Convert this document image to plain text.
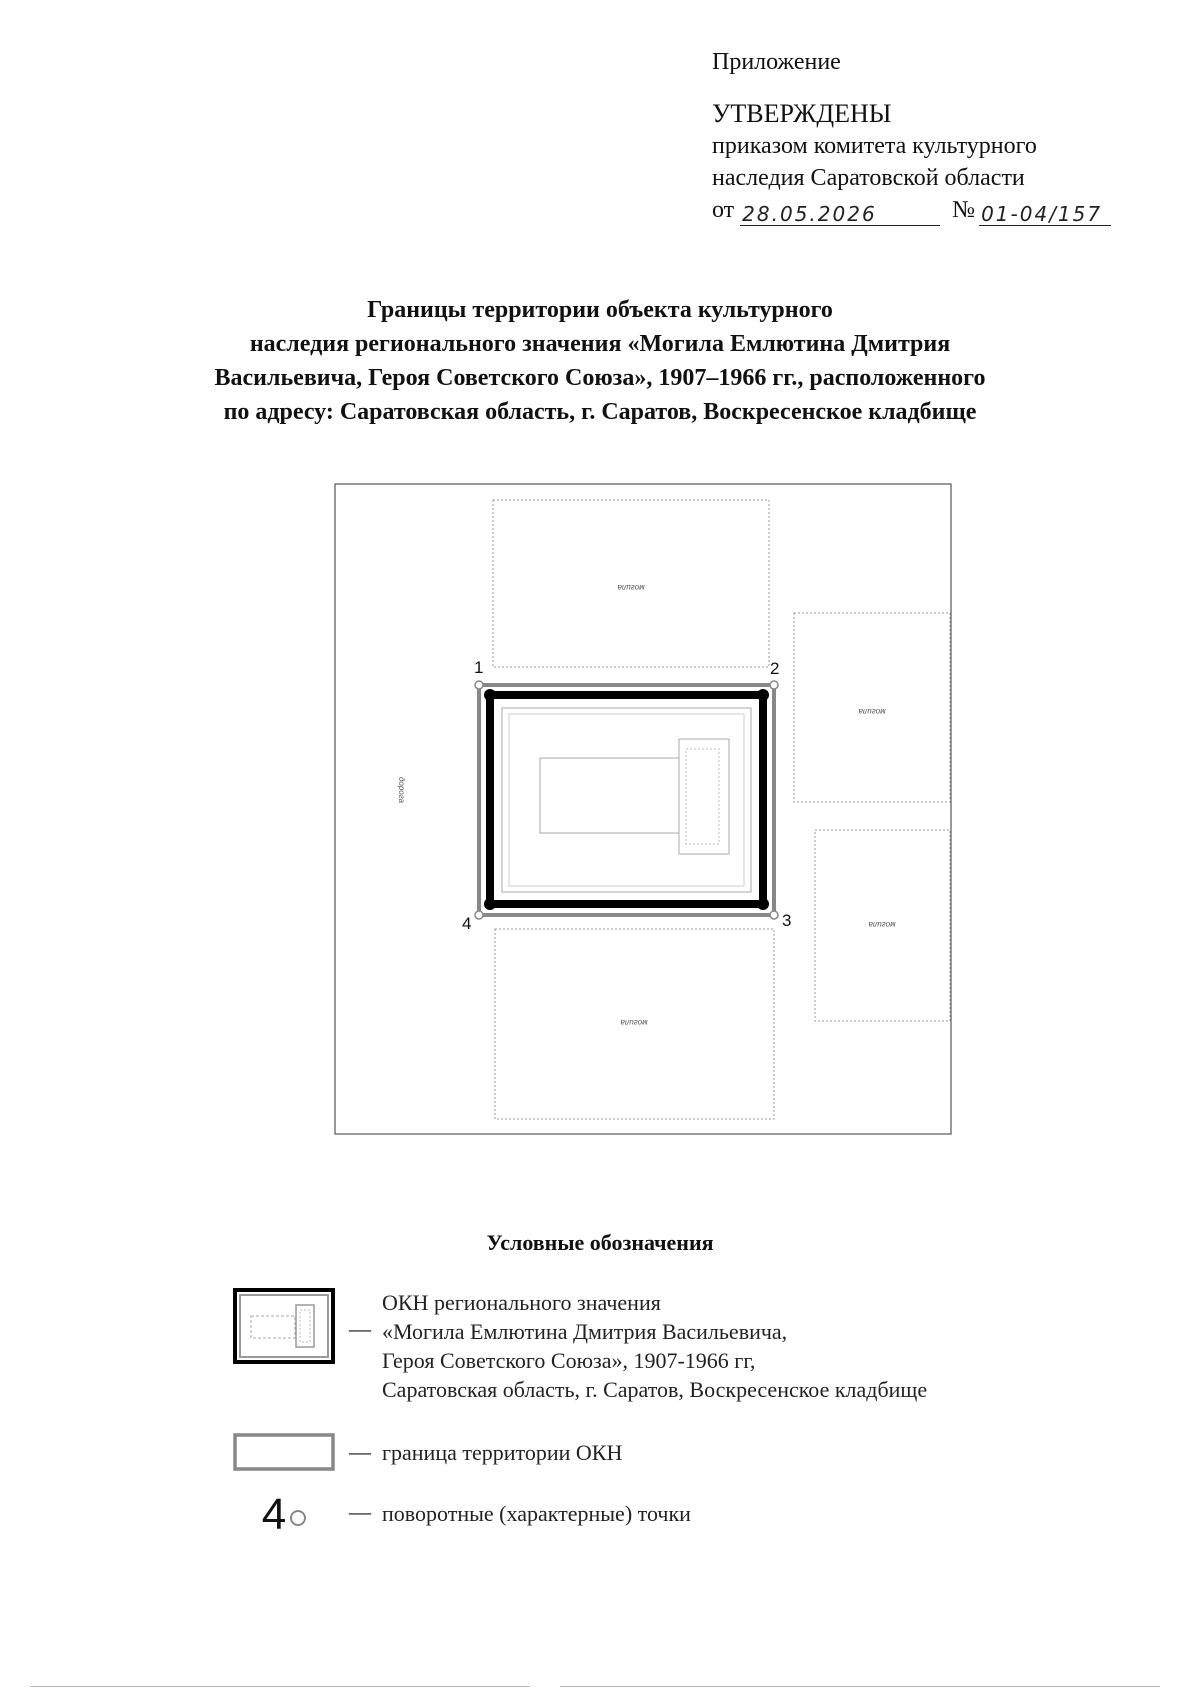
Приложение
УТВЕРЖДЕНЫ
приказом комитета культурного
наследия Саратовской области
от 28.05.2026	№ 01-04/157
Границы территории объекта культурного
наследия регионального значения «Могила Емлютина Дмитрия
Васильевича, Героя Советского Союза», 1907–1966 гг., расположенного
по адресу: Саратовская область, г. Саратов, Воскресенское кладбище
могила
могила
могила
могила
дорога
1	2
3
4
Условные обозначения
—
ОКН регионального значения
«Могила Емлютина Дмитрия Васильевича,
Героя Советского Союза», 1907-1966 гг,
Саратовская область, г. Саратов, Воскресенское кладбище
— граница территории ОКН
4	— поворотные (характерные) точки
